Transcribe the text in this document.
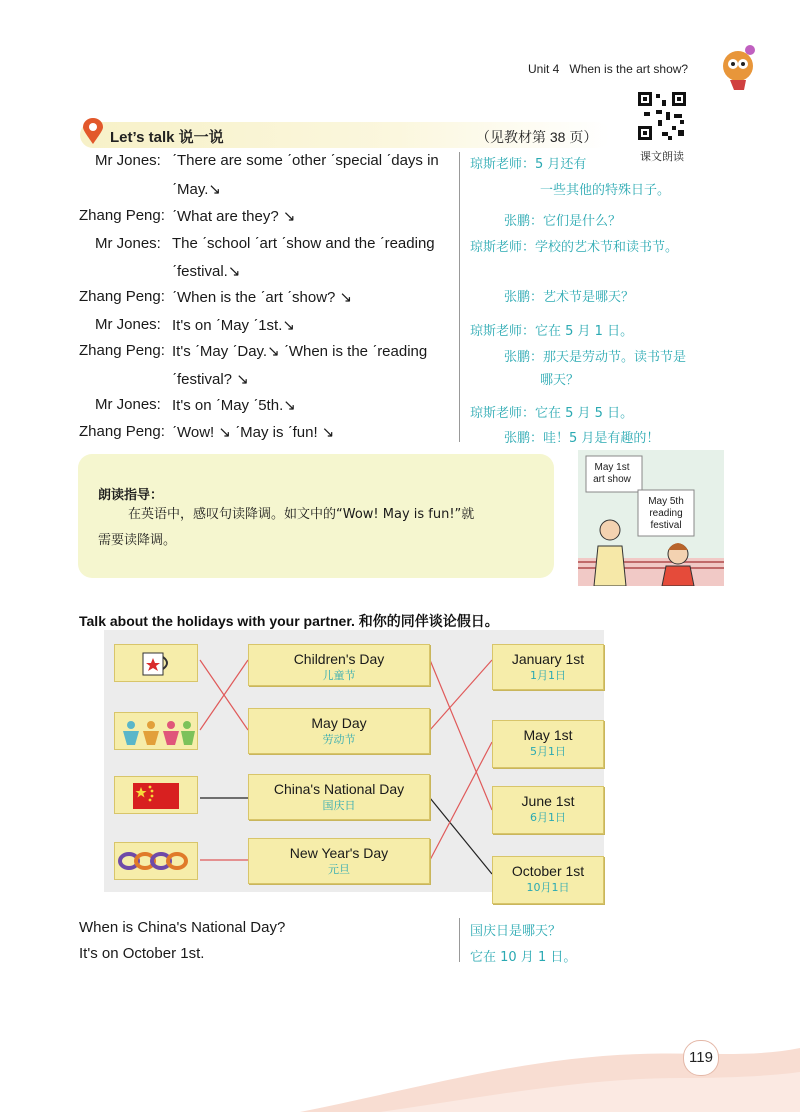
Unit 4 When is the art show?
课文朗读
Let’s talk 说一说	（见教材第 38 页）
Mr Jones: ˊThere are some ˊother ˊspecial ˊdays in
ˊMay.↘
Zhang Peng: ˊWhat are they? ↘
Mr Jones: The ˊschool ˊart ˊshow and the ˊreading
ˊfestival.↘
Zhang Peng: ˊWhen is the ˊart ˊshow? ↘
Mr Jones: It's on ˊMay ˊ1st.↘
Zhang Peng: It's ˊMay ˊDay.↘ ˊWhen is the ˊreading
ˊfestival? ↘
Mr Jones: It's on ˊMay ˊ5th.↘
Zhang Peng: ˊWow! ↘ ˊMay is ˊfun! ↘
琼斯老师：5 月还有
一些其他的特殊日子。
张鹏：它们是什么？
琼斯老师：学校的艺术节和读书节。
张鹏：艺术节是哪天？
琼斯老师：它在 5 月 1 日。
张鹏：那天是劳动节。读书节是
哪天？
琼斯老师：它在 5 月 5 日。
张鹏：哇！5 月是有趣的！
朗读指导：
在英语中，感叹句读降调。如文中的“Wow! May is fun!”就
需要读降调。
May 1st
art show
May 5th
reading
festival
Talk about the holidays with your partner. 和你的同伴谈论假日。
Children's Day
儿童节
May Day
劳动节
China's National Day
国庆日
New Year's Day
元旦
January 1st
1月1日
May 1st
5月1日
June 1st
6月1日
October 1st
10月1日
When is China's National Day?
It's on October 1st.
国庆日是哪天？
它在 10 月 1 日。
119
